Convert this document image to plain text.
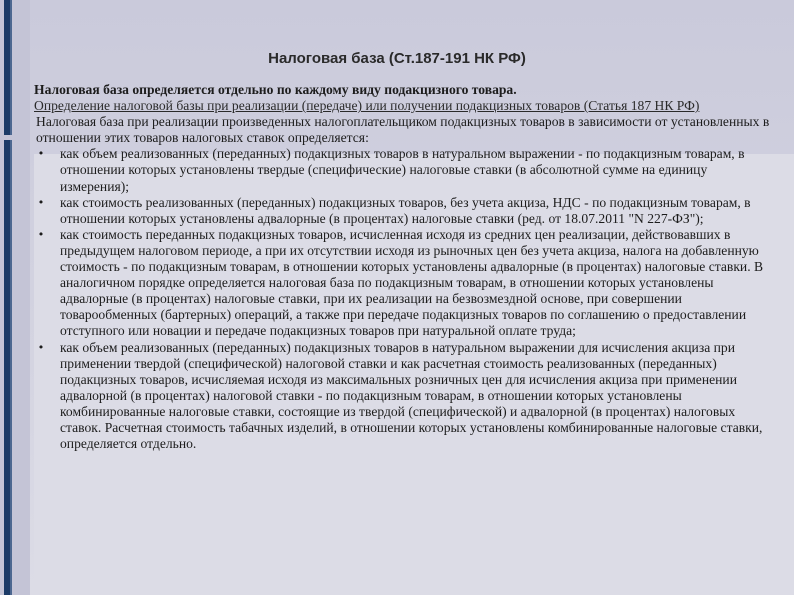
Налоговая база (Ст.187-191 НК РФ)

Налоговая база определяется отдельно по каждому виду подакцизного товара.

Определение налоговой базы при реализации (передаче) или получении подакцизных товаров (Статья 187 НК РФ)

Налоговая база при реализации произведенных налогоплательщиком подакцизных товаров в зависимости от установленных в отношении этих товаров налоговых ставок определяется:

• как объем реализованных (переданных) подакцизных товаров в натуральном выражении - по подакцизным товарам, в отношении которых установлены твердые (специфические) налоговые ставки (в абсолютной сумме на единицу измерения);
• как стоимость реализованных (переданных) подакцизных товаров, без учета акциза, НДС - по подакцизным товарам, в отношении которых установлены адвалорные (в процентах) налоговые ставки (ред. от 18.07.2011 "N 227-ФЗ");
• как стоимость переданных подакцизных товаров, исчисленная исходя из средних цен реализации, действовавших в предыдущем налоговом периоде, а при их отсутствии исходя из рыночных цен без учета акциза, налога на добавленную стоимость - по подакцизным товарам, в отношении которых установлены адвалорные (в процентах) налоговые ставки. В аналогичном порядке определяется налоговая база по подакцизным товарам, в отношении которых установлены адвалорные (в процентах) налоговые ставки, при их реализации на безвозмездной основе, при совершении товарообменных (бартерных) операций, а также при передаче подакцизных товаров по соглашению о предоставлении отступного или новации и передаче подакцизных товаров при натуральной оплате труда;
• как объем реализованных (переданных) подакцизных товаров в натуральном выражении для исчисления акциза при применении твердой (специфической) налоговой ставки и как расчетная стоимость реализованных (переданных) подакцизных товаров, исчисляемая исходя из максимальных розничных цен для исчисления акциза при применении адвалорной (в процентах) налоговой ставки - по подакцизным товарам, в отношении которых установлены комбинированные налоговые ставки, состоящие из твердой (специфической) и адвалорной (в процентах) налоговых ставок. Расчетная стоимость табачных изделий, в отношении которых установлены комбинированные налоговые ставки, определяется отдельно.
